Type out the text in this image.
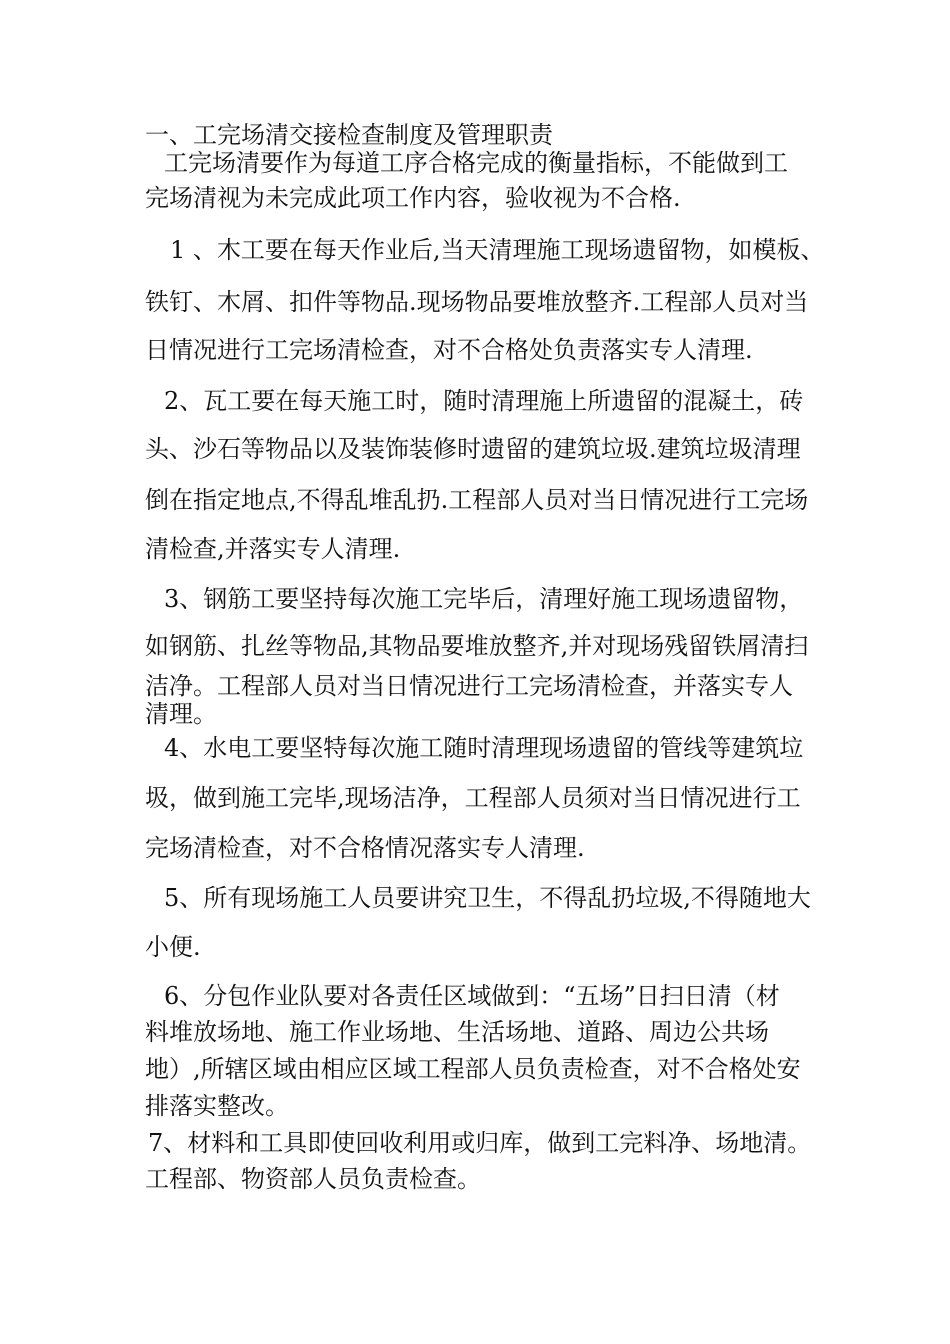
一、工完场清交接检查制度及管理职责
工完场清要作为每道工序合格完成的衡量指标，不能做到工
完场清视为未完成此项工作内容，验收视为不合格.
1 、木工要在每天作业后,当天清理施工现场遗留物，如模板、
铁钉、木屑、扣件等物品.现场物品要堆放整齐.工程部人员对当
日情况进行工完场清检查，对不合格处负责落实专人清理.
2、瓦工要在每天施工时，随时清理施上所遗留的混凝土，砖
头、沙石等物品以及装饰装修时遗留的建筑垃圾.建筑垃圾清理
倒在指定地点,不得乱堆乱扔.工程部人员对当日情况进行工完场
清检查,并落实专人清理.
3、钢筋工要坚持每次施工完毕后，清理好施工现场遗留物，
如钢筋、扎丝等物品,其物品要堆放整齐,并对现场残留铁屑清扫
洁净。工程部人员对当日情况进行工完场清检查，并落实专人
清理。
4、水电工要坚特每次施工随时清理现场遗留的管线等建筑垃
圾，做到施工完毕,现场洁净，工程部人员须对当日情况进行工
完场清检查，对不合格情况落实专人清理.
5、所有现场施工人员要讲究卫生，不得乱扔垃圾,不得随地大
小便.
6、分包作业队要对各责任区域做到：“五场”日扫日清（材
料堆放场地、施工作业场地、生活场地、道路、周边公共场
地）,所辖区域由相应区域工程部人员负责检查，对不合格处安
排落实整改。
7、材料和工具即使回收利用或归库，做到工完料净、场地清。
工程部、物资部人员负责检查。
